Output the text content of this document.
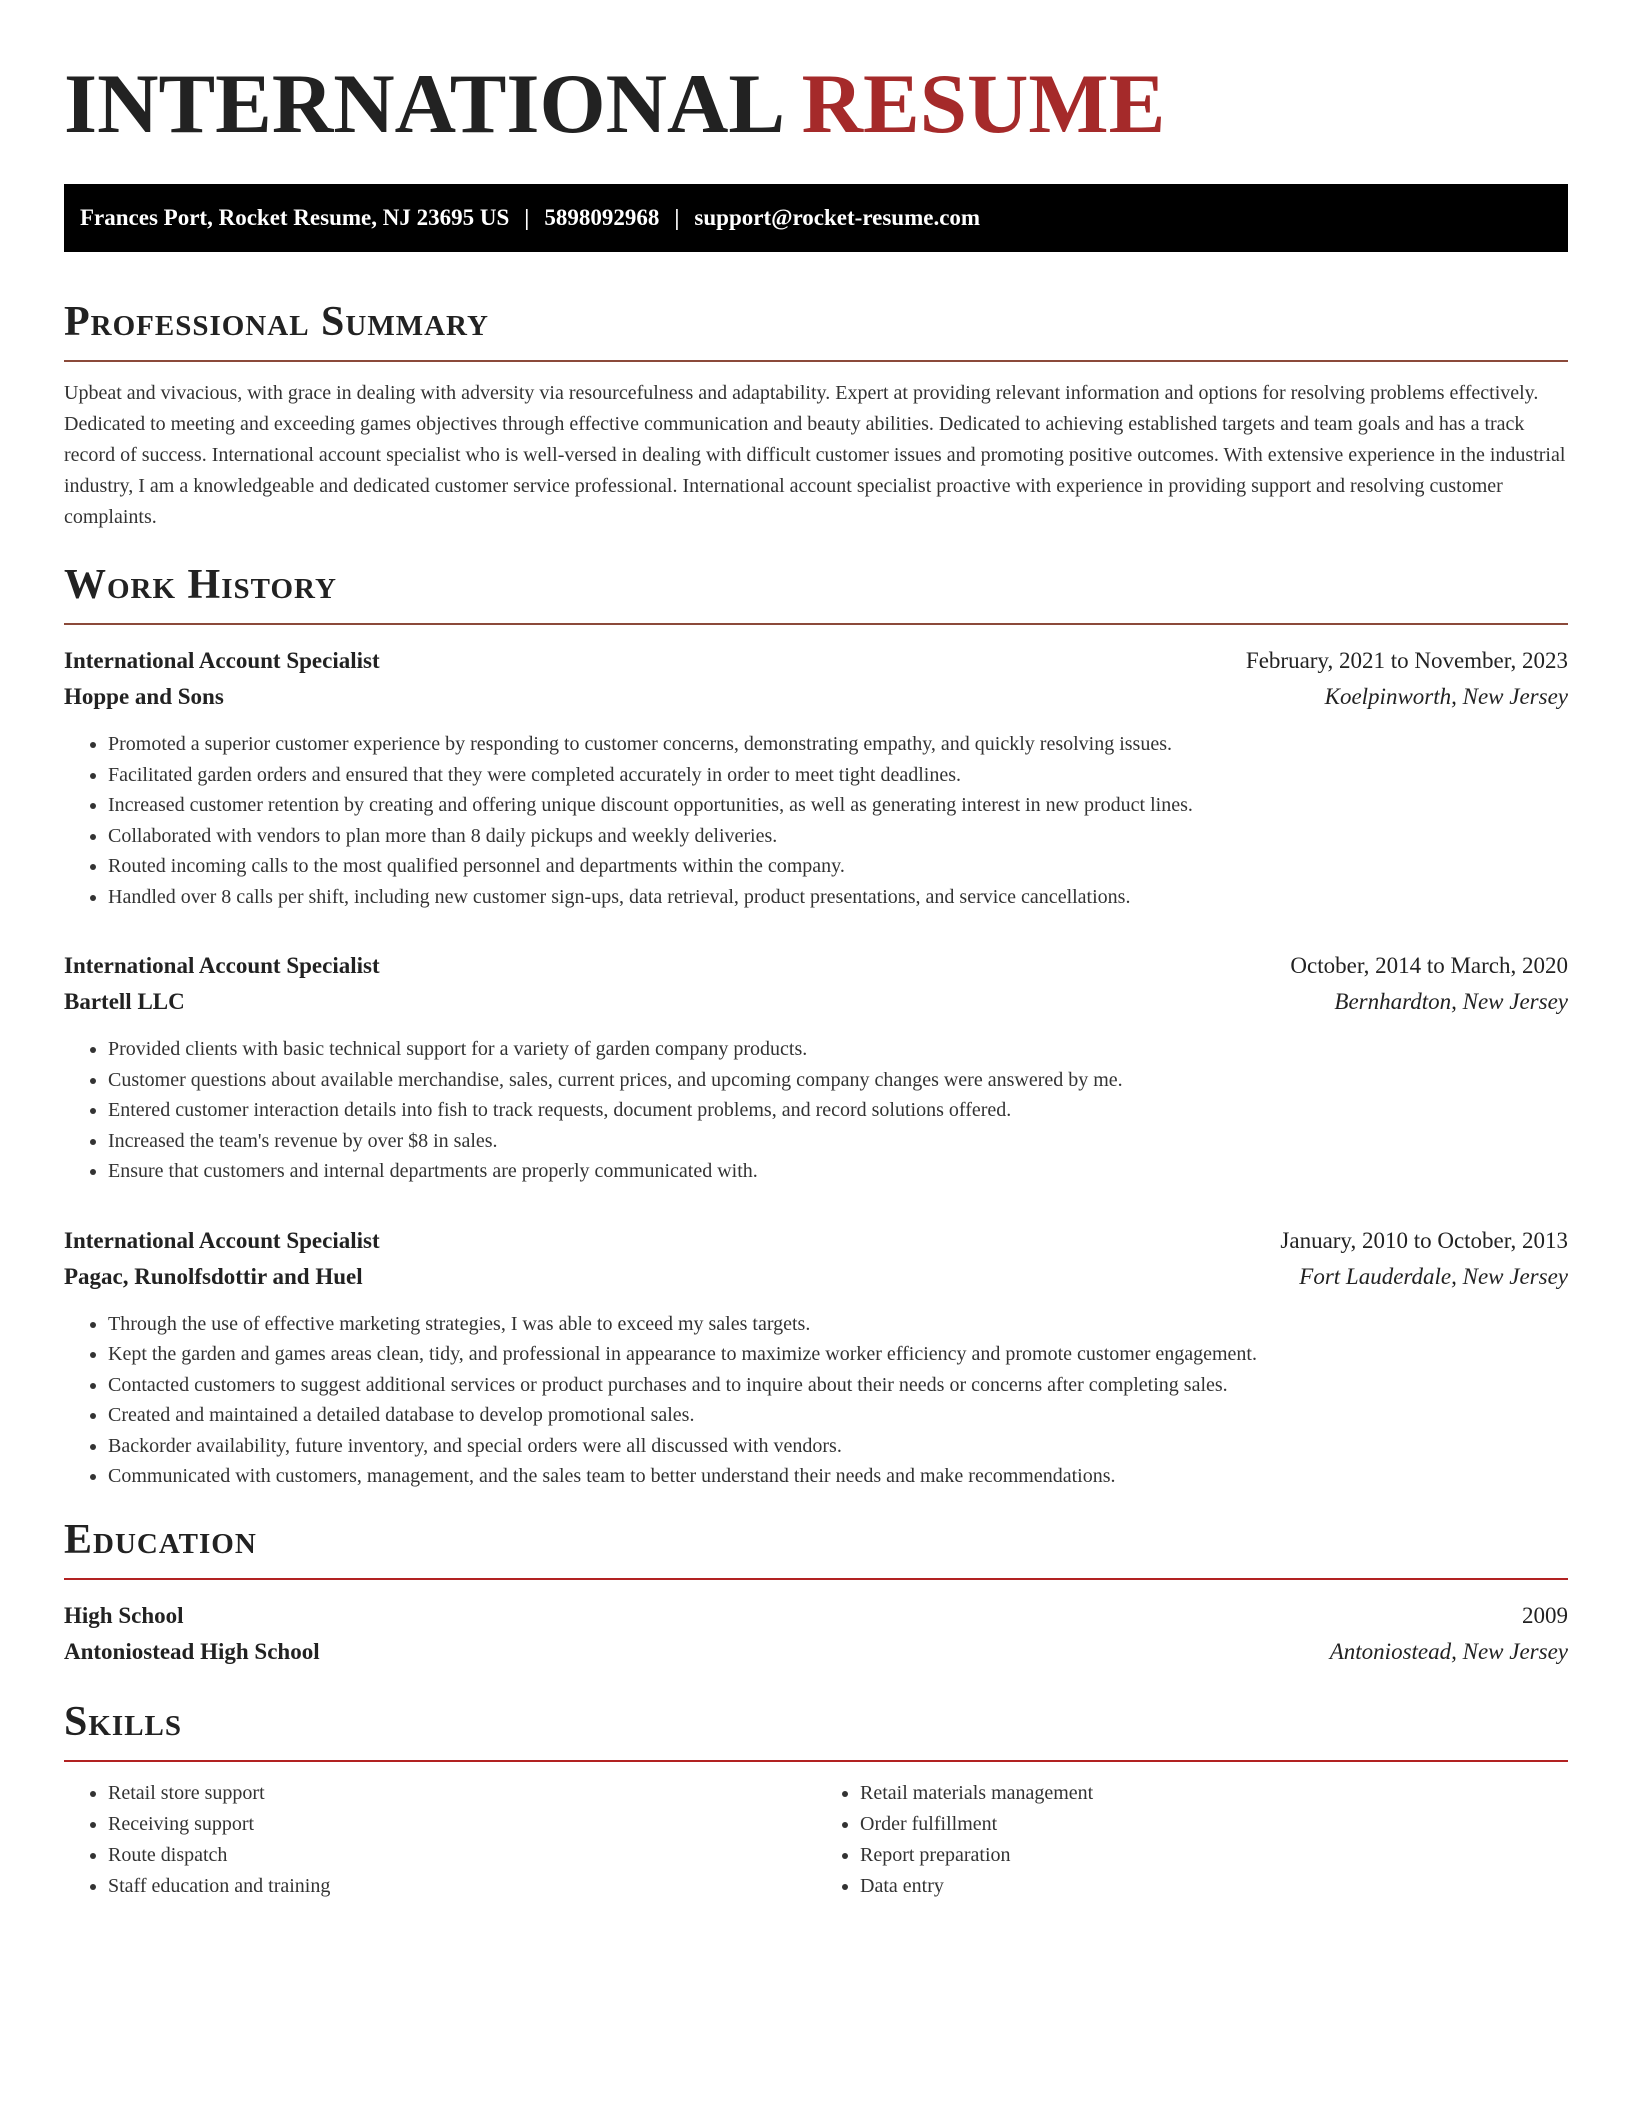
INTERNATIONAL RESUME
Frances Port, Rocket Resume, NJ 23695 US | 5898092968 | support@rocket-resume.com
Professional Summary

Upbeat and vivacious, with grace in dealing with adversity via resourcefulness and adaptability. Expert at providing relevant information and options for resolving problems effectively. Dedicated to meeting and exceeding games objectives through effective communication and beauty abilities. Dedicated to achieving established targets and team goals and has a track record of success. International account specialist who is well-versed in dealing with difficult customer issues and promoting positive outcomes. With extensive experience in the industrial industry, I am a knowledgeable and dedicated customer service professional. International account specialist proactive with experience in providing support and resolving customer complaints.

Work History
International Account Specialist	February, 2021 to November, 2023
Hoppe and Sons	Koelpinworth, New Jersey
• Promoted a superior customer experience by responding to customer concerns, demonstrating empathy, and quickly resolving issues.
• Facilitated garden orders and ensured that they were completed accurately in order to meet tight deadlines.
• Increased customer retention by creating and offering unique discount opportunities, as well as generating interest in new product lines.
• Collaborated with vendors to plan more than 8 daily pickups and weekly deliveries.
• Routed incoming calls to the most qualified personnel and departments within the company.
• Handled over 8 calls per shift, including new customer sign-ups, data retrieval, product presentations, and service cancellations.
International Account Specialist	October, 2014 to March, 2020
Bartell LLC	Bernhardton, New Jersey
• Provided clients with basic technical support for a variety of garden company products.
• Customer questions about available merchandise, sales, current prices, and upcoming company changes were answered by me.
• Entered customer interaction details into fish to track requests, document problems, and record solutions offered.
• Increased the team's revenue by over $8 in sales.
• Ensure that customers and internal departments are properly communicated with.
International Account Specialist	January, 2010 to October, 2013
Pagac, Runolfsdottir and Huel	Fort Lauderdale, New Jersey
• Through the use of effective marketing strategies, I was able to exceed my sales targets.
• Kept the garden and games areas clean, tidy, and professional in appearance to maximize worker efficiency and promote customer engagement.
• Contacted customers to suggest additional services or product purchases and to inquire about their needs or concerns after completing sales.
• Created and maintained a detailed database to develop promotional sales.
• Backorder availability, future inventory, and special orders were all discussed with vendors.
• Communicated with customers, management, and the sales team to better understand their needs and make recommendations.
Education
High School	2009
Antoniostead High School	Antoniostead, New Jersey
Skills
• Retail store support
• Receiving support
• Route dispatch
• Staff education and training
• Retail materials management
• Order fulfillment
• Report preparation
• Data entry
